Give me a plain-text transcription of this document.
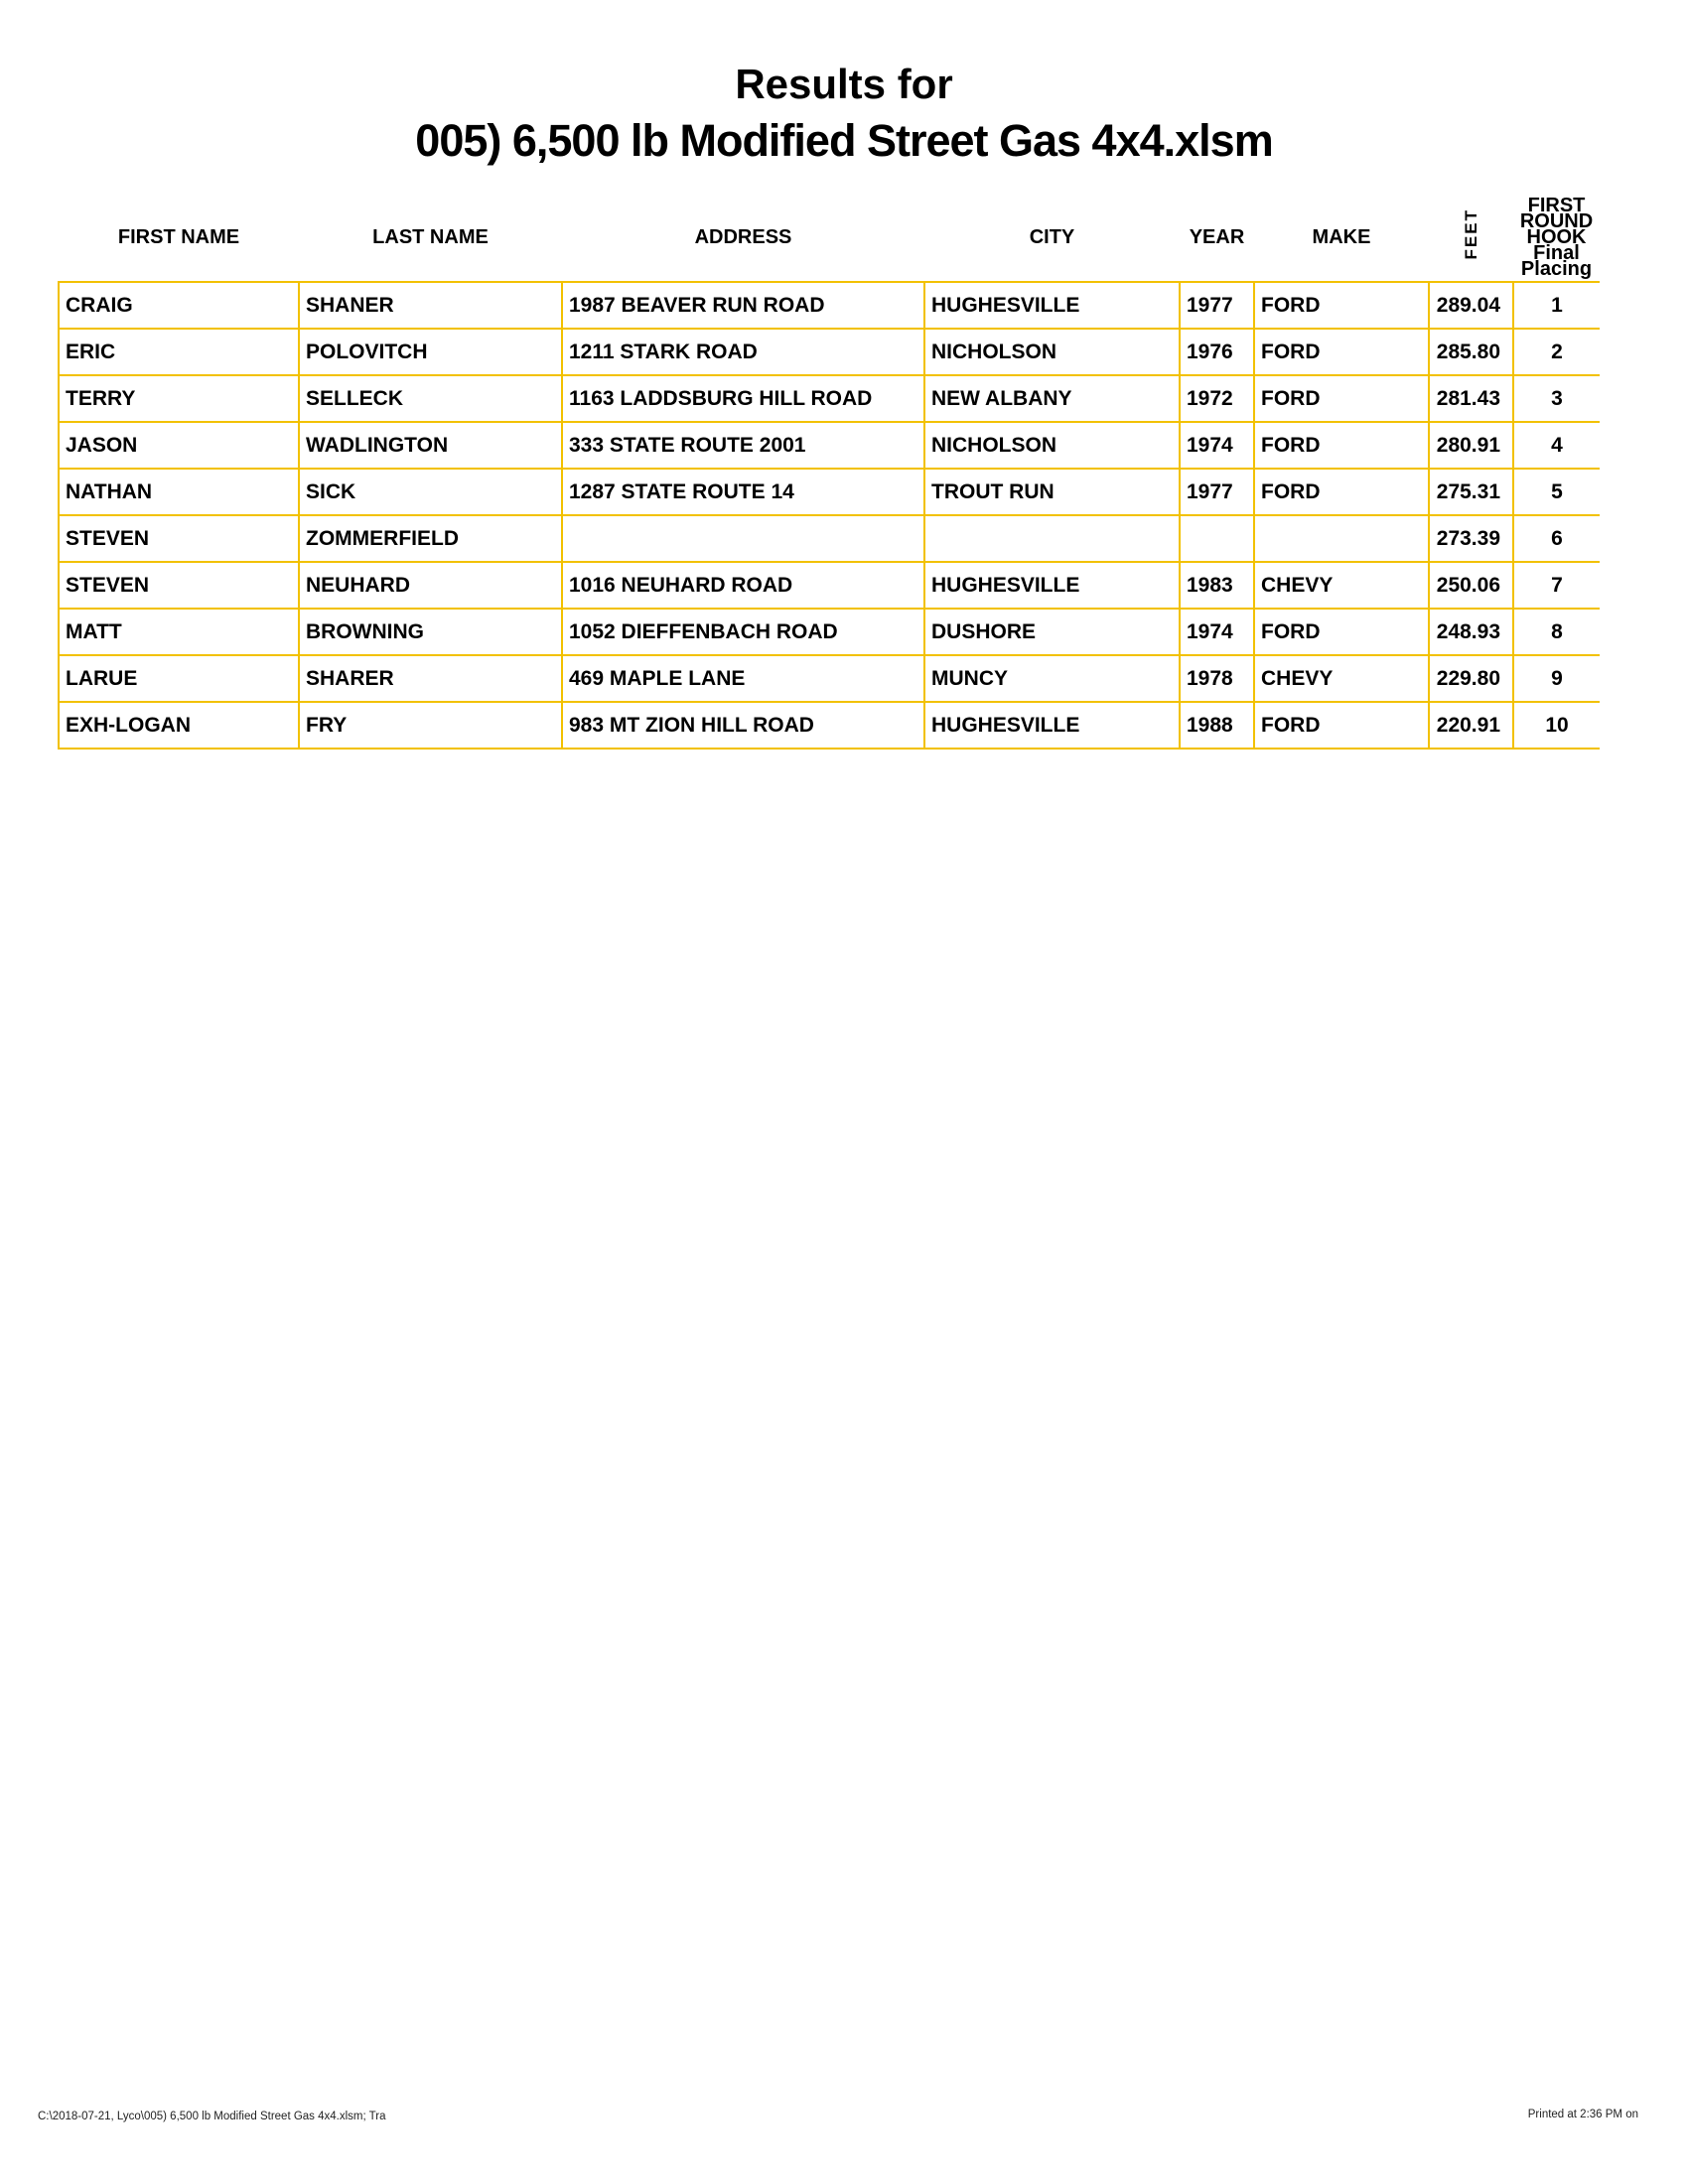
Results for
005) 6,500 lb Modified Street Gas 4x4.xlsm
FIRST NAME	LAST NAME	ADDRESS	CITY	YEAR	MAKE	FEET	FIRST ROUND
HOOK
Final Placing

CRAIG	SHANER	1987 BEAVER RUN ROAD	HUGHESVILLE	1977	FORD	289.04	1
ERIC	POLOVITCH	1211 STARK ROAD	NICHOLSON	1976	FORD	285.80	2
TERRY	SELLECK	1163 LADDSBURG HILL ROAD	NEW ALBANY	1972	FORD	281.43	3
JASON	WADLINGTON	333 STATE ROUTE 2001	NICHOLSON	1974	FORD	280.91	4
NATHAN	SICK	1287 STATE ROUTE 14	TROUT RUN	1977	FORD	275.31	5
STEVEN	ZOMMERFIELD					273.39	6
STEVEN	NEUHARD	1016 NEUHARD ROAD	HUGHESVILLE	1983	CHEVY	250.06	7
MATT	BROWNING	1052 DIEFFENBACH ROAD	DUSHORE	1974	FORD	248.93	8
LARUE	SHARER	469 MAPLE LANE	MUNCY	1978	CHEVY	229.80	9
EXH-LOGAN	FRY	983 MT ZION HILL ROAD	HUGHESVILLE	1988	FORD	220.91	10
C:\2018-07-21, Lyco\005) 6,500 lb Modified Street Gas 4x4.xlsm; Tra	Printed at 2:36 PM on
